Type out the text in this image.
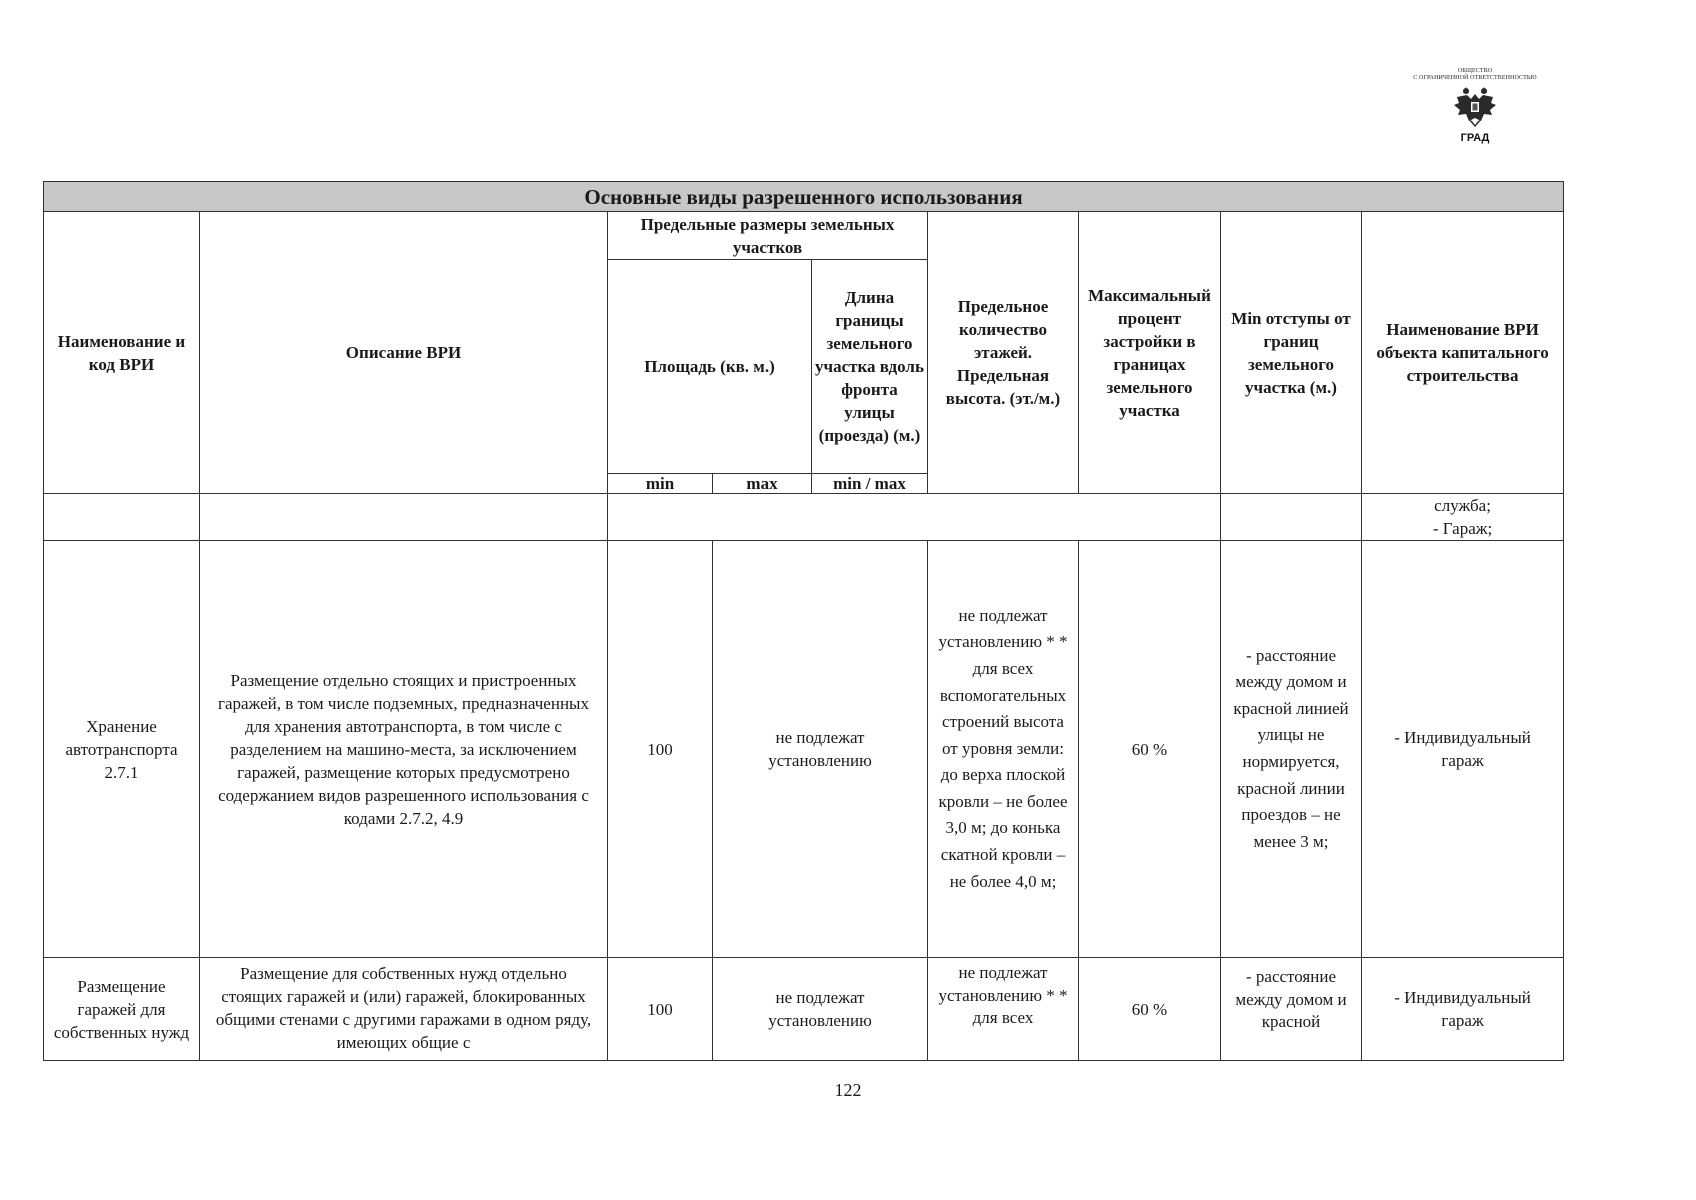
ОБЩЕСТВО
С ОГРАНИЧЕННОЙ ОТВЕТСТВЕННОСТЬЮ
ГРАД
Основные виды разрешенного использования								
Наименование и код ВРИ	Описание ВРИ	Предельные размеры земельных участков			Предельное количество этажей. Предельная высота. (эт./м.)	Максимальный процент застройки в границах земельного участка	Min отступы от границ земельного участка (м.)	Наименование ВРИ объекта капитального строительства
		Площадь (кв. м.)		Длина границы земельного участка вдоль фронта улицы (проезда) (м.)				
		min	max	min / max				

								служба;
- Гараж;

Хранение автотранспорта 2.7.1	Размещение отдельно стоящих и пристроенных гаражей, в том числе подземных, предназначенных для хранения автотранспорта, в том числе с разделением на машино-места, за исключением гаражей, размещение которых предусмотрено содержанием видов разрешенного использования с кодами 2.7.2, 4.9	100	не подлежат установлению		не подлежат установлению * * для всех вспомогательных строений высота от уровня земли: до верха плоской кровли – не более 3,0 м; до конька скатной кровли – не более 4,0 м;	60 %	- расстояние между домом и красной линией улицы не нормируется, красной линии проездов – не менее 3 м;	- Индивидуальный гараж
Размещение гаражей для собственных нужд	Размещение для собственных нужд отдельно стоящих гаражей и (или) гаражей, блокированных общими стенами с другими гаражами в одном ряду, имеющих общие с	100	не подлежат установлению		не подлежат установлению * * для всех	60 %	- расстояние между домом и красной	- Индивидуальный гараж
122
